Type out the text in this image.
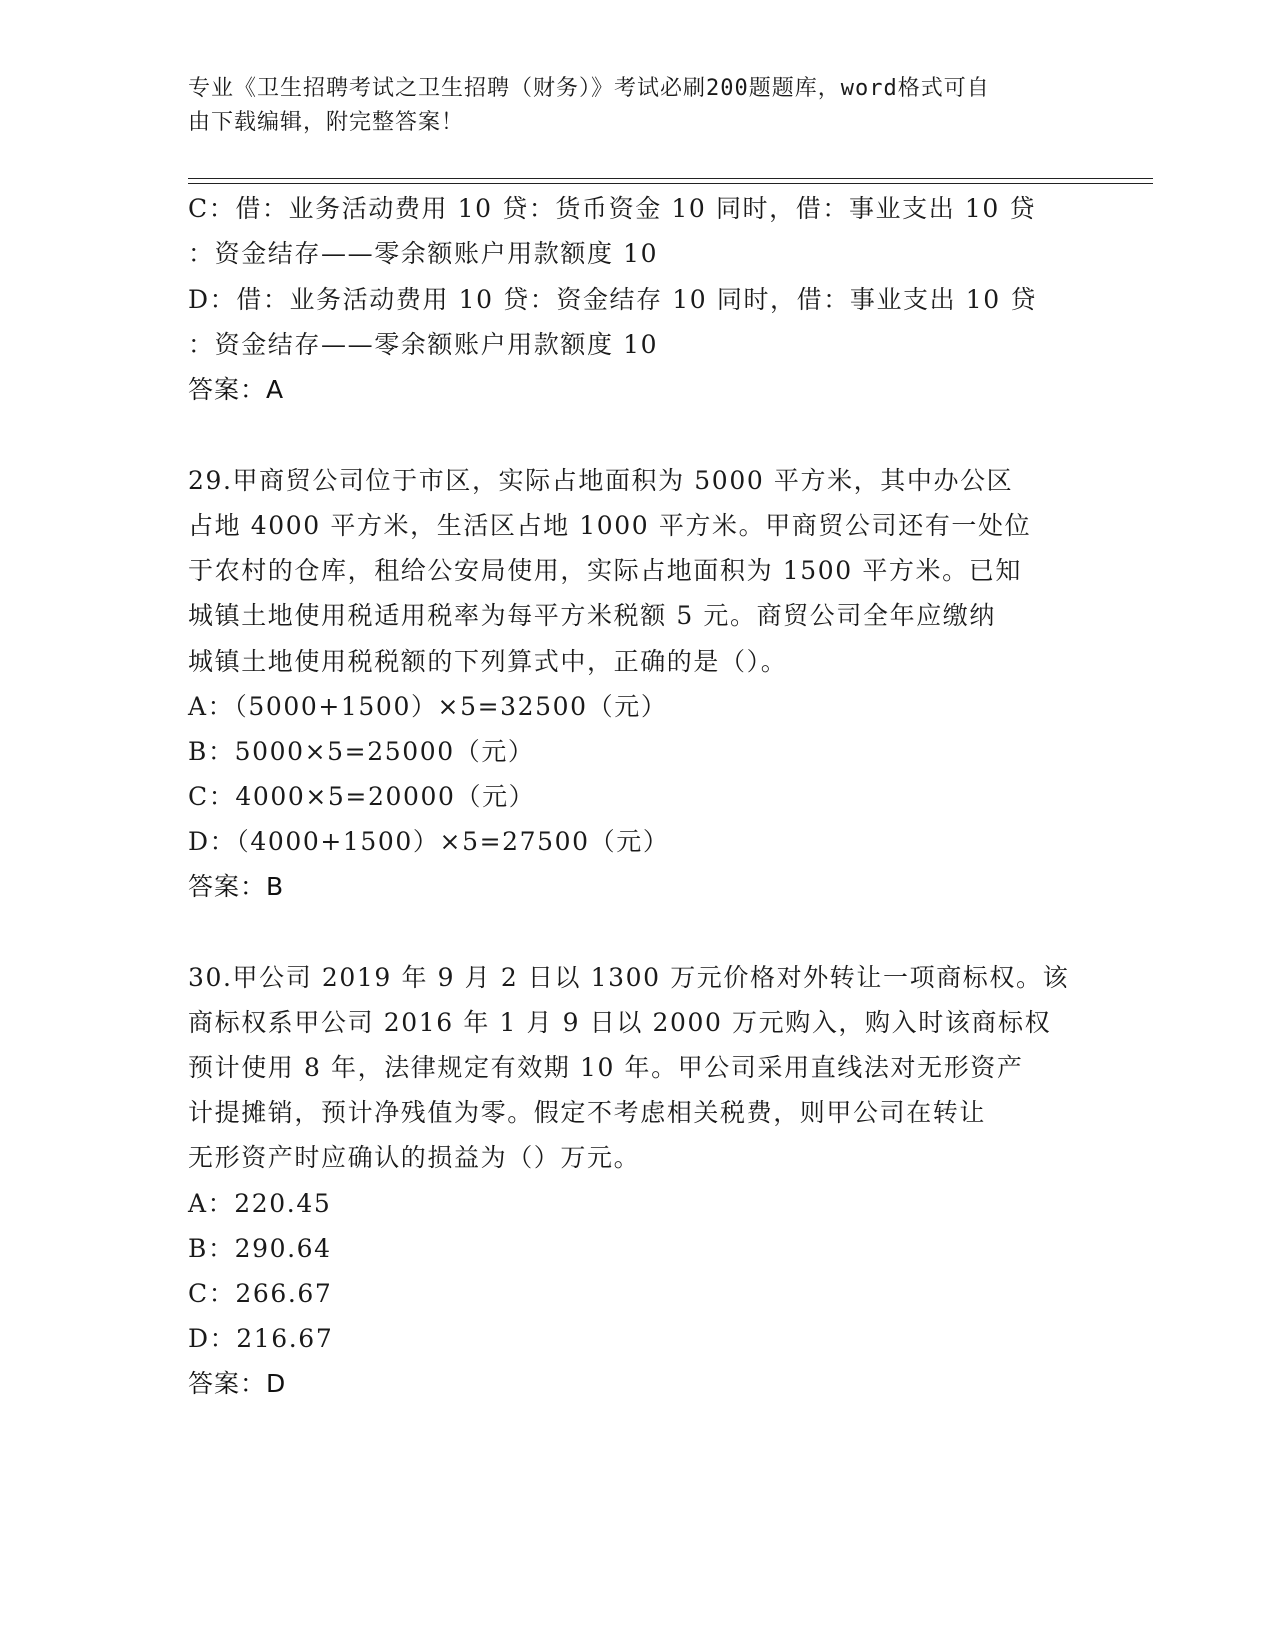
专业《卫生招聘考试之卫生招聘（财务）》考试必刷200题题库，word格式可自
由下载编辑，附完整答案！
C：借：业务活动费用 10 贷：货币资金 10 同时，借：事业支出 10 贷
：资金结存——零余额账户用款额度 10
D：借：业务活动费用 10 贷：资金结存 10 同时，借：事业支出 10 贷
：资金结存——零余额账户用款额度 10
答案：A
29.甲商贸公司位于市区，实际占地面积为 5000 平方米，其中办公区
占地 4000 平方米，生活区占地 1000 平方米。甲商贸公司还有一处位
于农村的仓库，租给公安局使用，实际占地面积为 1500 平方米。已知
城镇土地使用税适用税率为每平方米税额 5 元。商贸公司全年应缴纳
城镇土地使用税税额的下列算式中，正确的是（）。
A：（5000+1500）×5=32500（元）
B：5000×5=25000（元）
C：4000×5=20000（元）
D：（4000+1500）×5=27500（元）
答案：B
30.甲公司 2019 年 9 月 2 日以 1300 万元价格对外转让一项商标权。该
商标权系甲公司 2016 年 1 月 9 日以 2000 万元购入，购入时该商标权
预计使用 8 年，法律规定有效期 10 年。甲公司采用直线法对无形资产
计提摊销，预计净残值为零。假定不考虑相关税费，则甲公司在转让
无形资产时应确认的损益为（）万元。
A：220.45
B：290.64
C：266.67
D：216.67
答案：D
